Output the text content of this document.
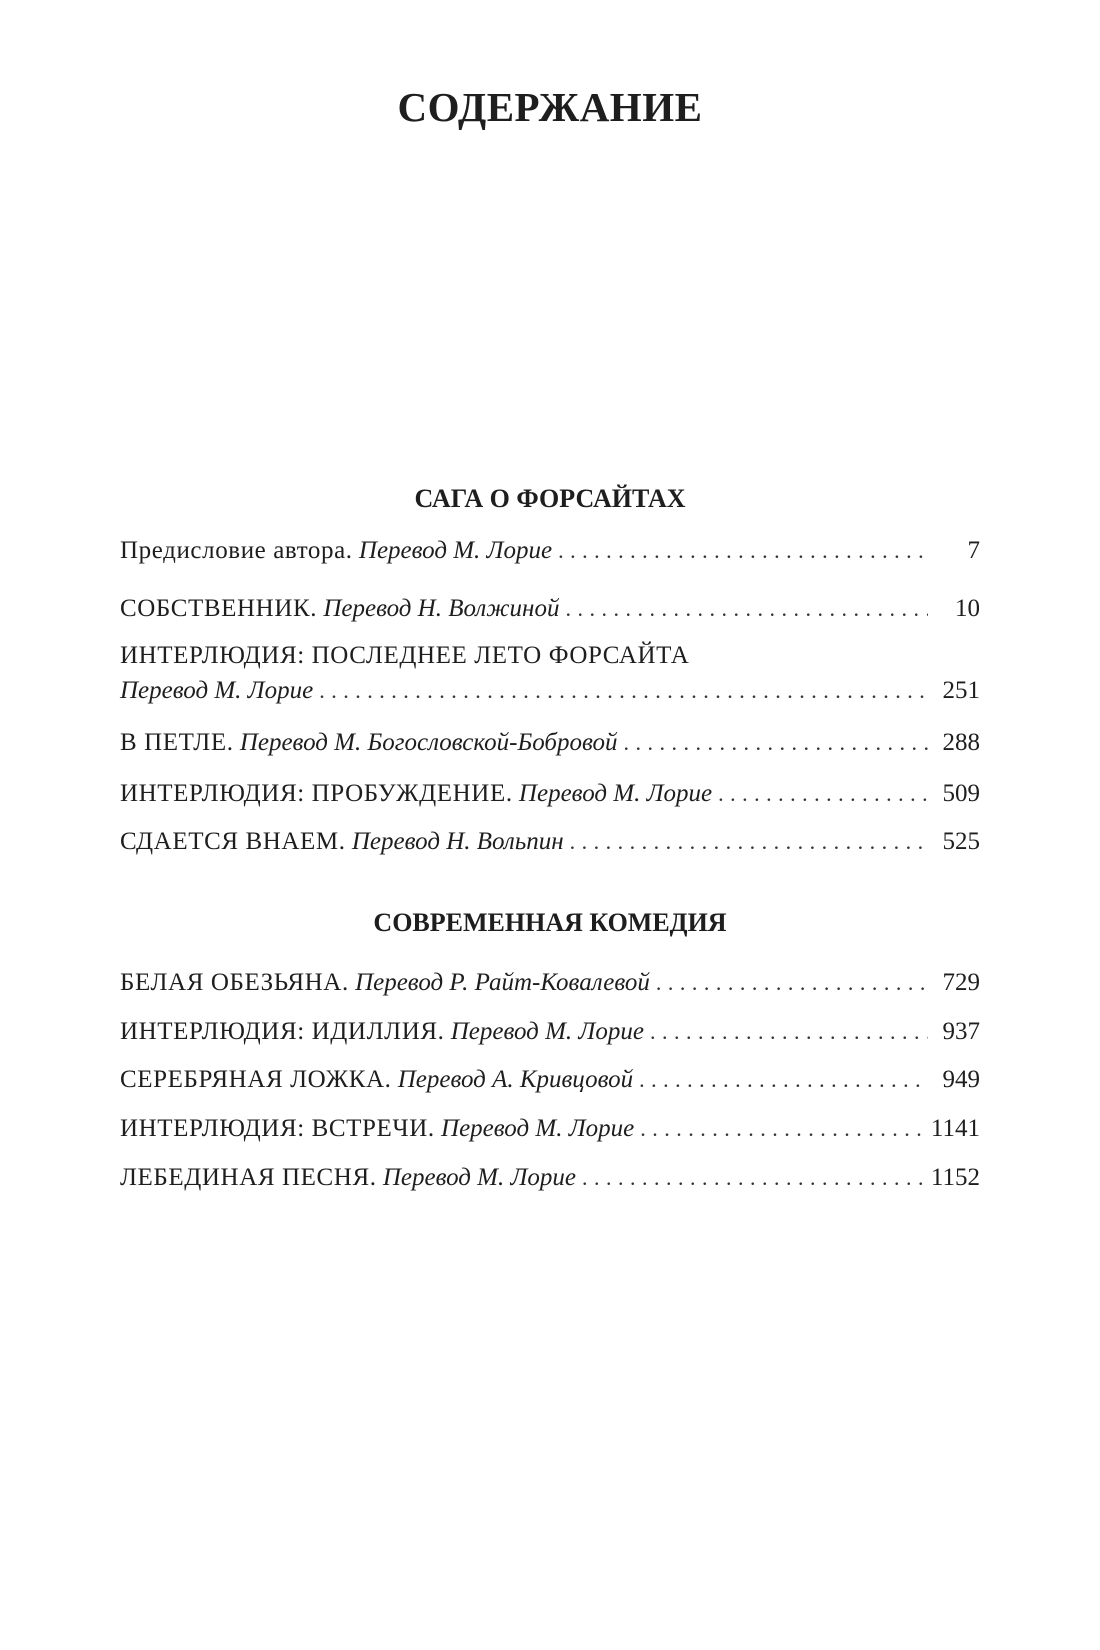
СОДЕРЖАНИЕ
САГА О ФОРСАЙТАХ
Предисловие автора.
Перевод М. Лорие . . .	7
СОБСТВЕННИК.
Перевод Н. Волжиной . . .	10
ИНТЕРЛЮДИЯ: ПОСЛЕДНЕЕ ЛЕТО ФОРСАЙТА
Перевод М. Лорие . . .	251
В ПЕТЛЕ.
Перевод М. Богословской-Бобровой . . .	288
ИНТЕРЛЮДИЯ: ПРОБУЖДЕНИЕ.
Перевод М. Лорие . . .	509
СДАЕТСЯ ВНАЕМ.
Перевод Н. Вольпин . . .	525
СОВРЕМЕННАЯ КОМЕДИЯ
БЕЛАЯ ОБЕЗЬЯНА.
Перевод Р. Райт-Ковалевой . . .	729
ИНТЕРЛЮДИЯ: ИДИЛЛИЯ.
Перевод М. Лорие . . .	937
СЕРЕБРЯНАЯ ЛОЖКА.
Перевод А. Кривцовой . . .	949
ИНТЕРЛЮДИЯ: ВСТРЕЧИ.
Перевод М. Лорие . . .	1141
ЛЕБЕДИНАЯ ПЕСНЯ.
Перевод М. Лорие . . .	1152
